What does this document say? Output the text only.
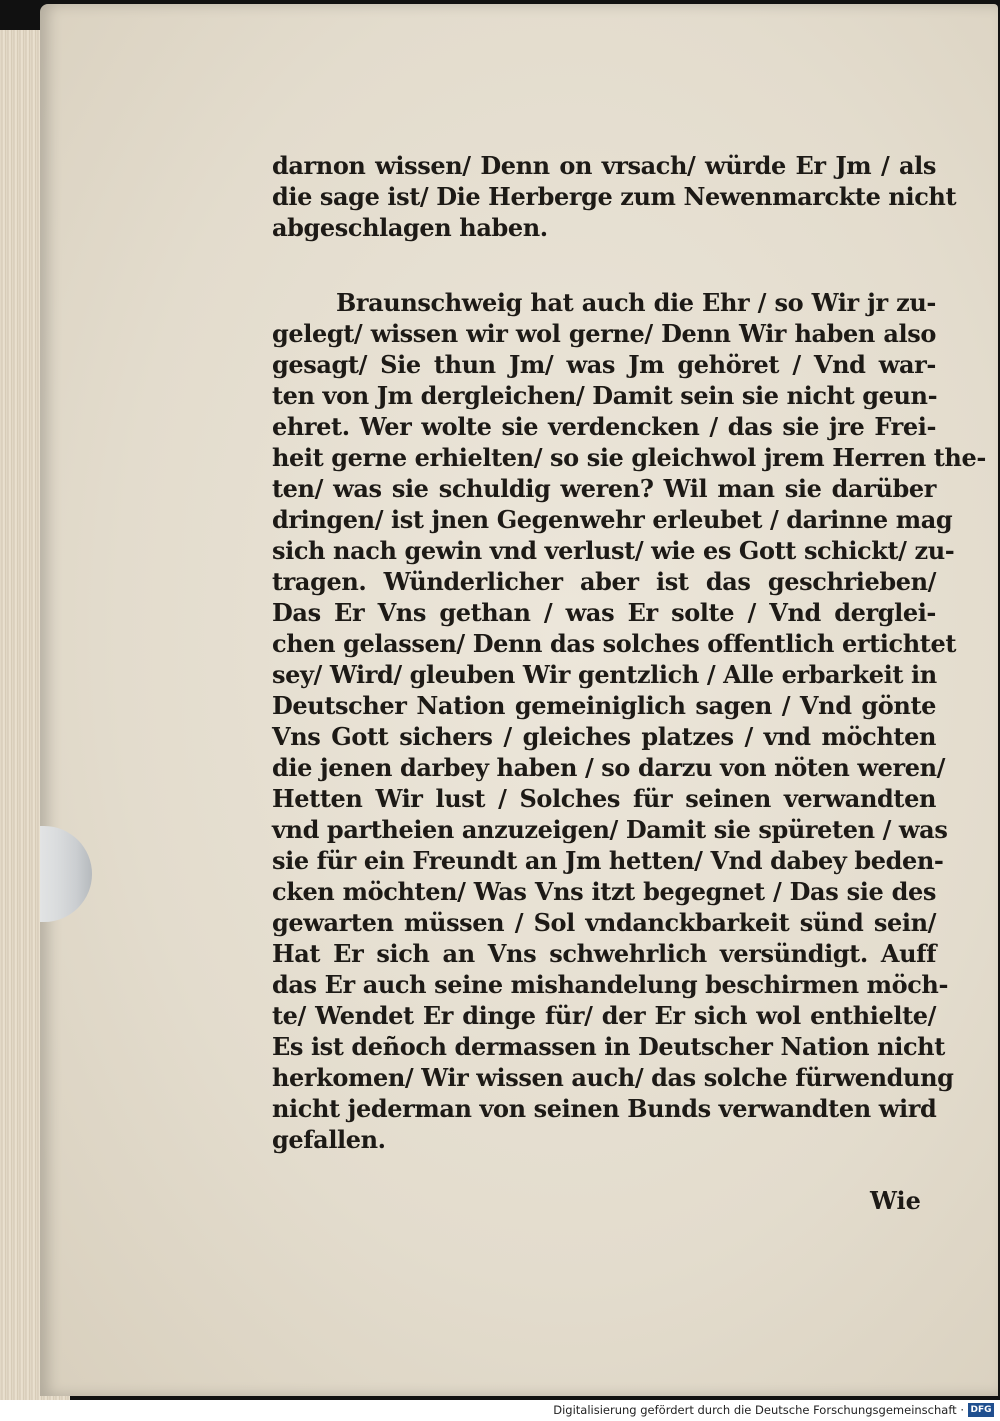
darnon wissen/ Denn on vrsach/ würde Er Jm / als

die sage ist/ Die Herberge zum Newenmarckte nicht

abgeschlagen haben.

Braunschweig hat auch die Ehr / so Wir jr zu-

gelegt/ wissen wir wol gerne/ Denn Wir haben also

gesagt/ Sie thun Jm/ was Jm gehöret / Vnd war-

ten von Jm dergleichen/ Damit sein sie nicht geun-

ehret. Wer wolte sie verdencken / das sie jre Frei-

heit gerne erhielten/ so sie gleichwol jrem Herren the-

ten/ was sie schuldig weren? Wil man sie darüber

dringen/ ist jnen Gegenwehr erleubet / darinne mag

sich nach gewin vnd verlust/ wie es Gott schickt/ zu-

tragen. Wünderlicher aber ist das geschrieben/

Das Er Vns gethan / was Er solte / Vnd derglei-

chen gelassen/ Denn das solches offentlich ertichtet

sey/ Wird/ gleuben Wir gentzlich / Alle erbarkeit in

Deutscher Nation gemeiniglich sagen / Vnd gönte

Vns Gott sichers / gleiches platzes / vnd möchten

die jenen darbey haben / so darzu von nöten weren/

Hetten Wir lust / Solches für seinen verwandten

vnd partheien anzuzeigen/ Damit sie spüreten / was

sie für ein Freundt an Jm hetten/ Vnd dabey beden-

cken möchten/ Was Vns itzt begegnet / Das sie des

gewarten müssen / Sol vndanckbarkeit sünd sein/

Hat Er sich an Vns schwehrlich versündigt. Auff

das Er auch seine mishandelung beschirmen möch-

te/ Wendet Er dinge für/ der Er sich wol enthielte/

Es ist deñoch dermassen in Deutscher Nation nicht

herkomen/ Wir wissen auch/ das solche fürwendung

nicht jederman von seinen Bunds verwandten wird

gefallen.

Wie
Digitalisierung gefördert durch die Deutsche Forschungsgemeinschaft · DFG
